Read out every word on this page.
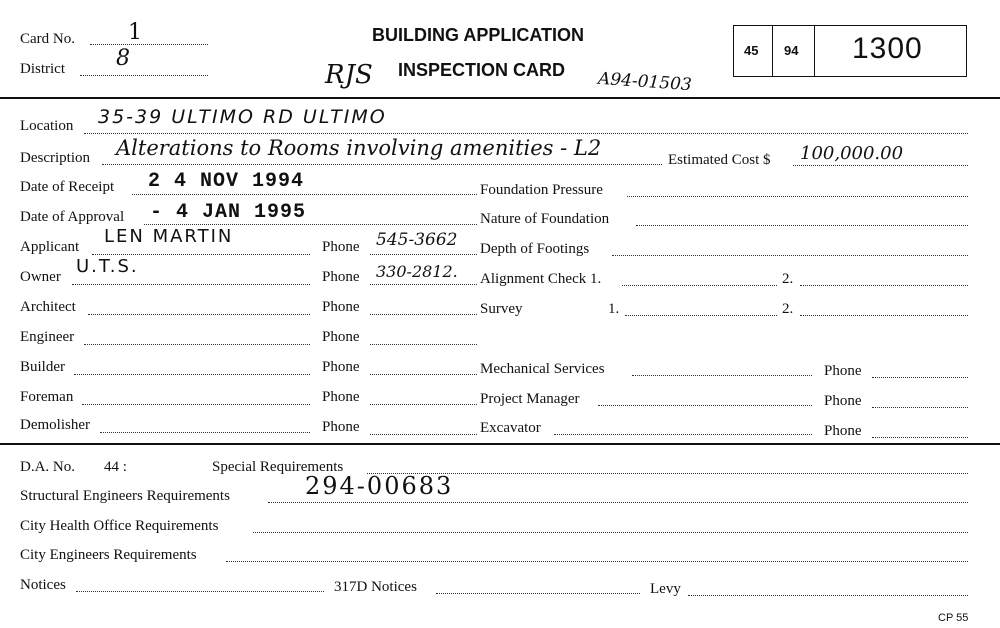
Card No. 1
District 8
BUILDING APPLICATION
RJS INSPECTION CARD A94-01503
45 94 1300
Location 35-39 ULTIMO RD ULTIMO
Description Alterations to Rooms involving amenities - L2	Estimated Cost $ 100,000.00
Date of Receipt 2 4 NOV 1994
Date of Approval - 4 JAN 1995
Applicant LEN MARTIN	Phone 545-3662
Owner U.T.S.	Phone 330-2812.
Architect	Phone
Engineer	Phone
Builder	Phone
Foreman	Phone
Demolisher	Phone
Foundation Pressure
Nature of Foundation
Depth of Footings
Alignment Check 1.	2.
Survey	1.	2.
Mechanical Services	Phone
Project Manager	Phone
Excavator	Phone
D.A. No. 44 :	Special Requirements
Structural Engineers Requirements	294-00683
City Health Office Requirements
City Engineers Requirements
Notices	317D Notices	Levy
CP 55
